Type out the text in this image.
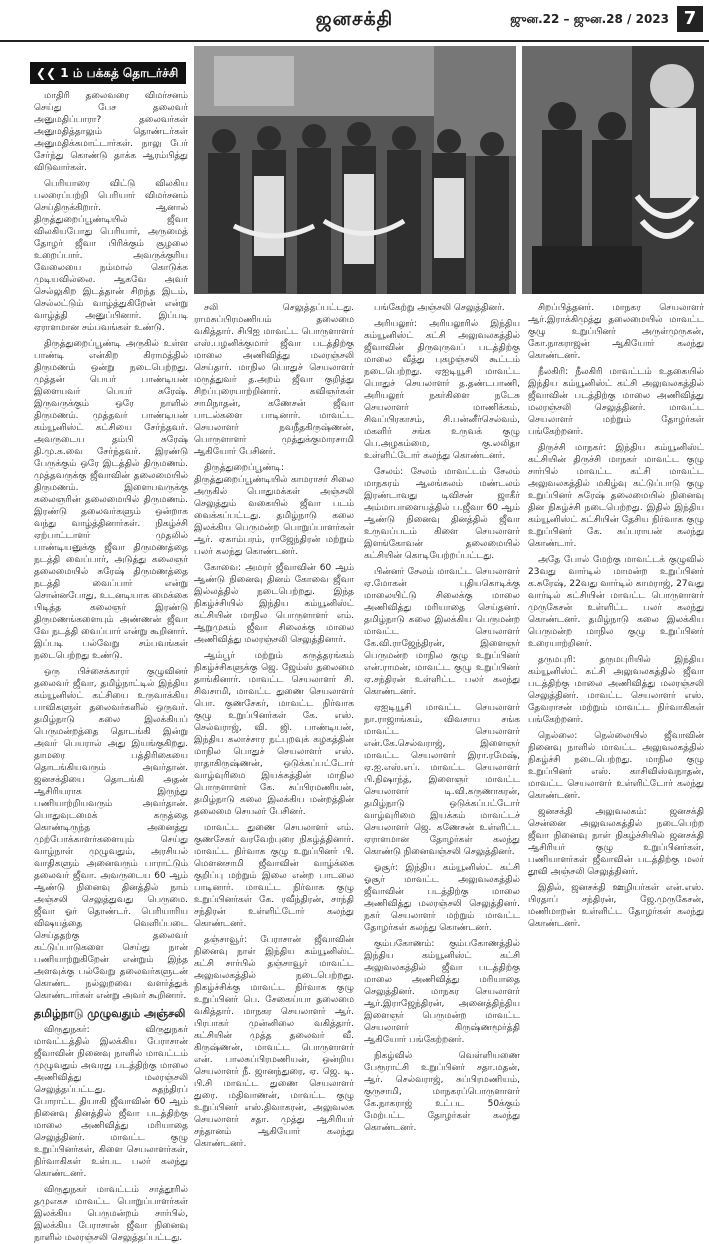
ஜனசக்தி	ஜுன.22 – ஜுன.28 / 2023 7
❮❮ 1 ம் பக்கத் தொடர்ச்சி

மாதிரி தலைவரை விமர்சனம் செய்து பேச தலைவர் அனுமதிப்பாரா? தலைவர்கள் அனுமதித்தாலும் தொண்டர்கள் அனுமதிக்கமாட்டார்கள். நாலு பேர் சேர்ந்து கொண்டு தாக்க ஆரம்பித்து விடுவார்கள்.

பெரியாரை விட்டு விலகிய பலரைப்பற்றி பெரியார் விமர்சனம் செய்திருக்கிறார். ஆனால் திருத்துறைப்பூண்டியில் ஜீவா விலகியபோது பெரியார், அருமைத் தோழர் ஜீவா பிரிக்கும் சூழலை உறைப்பார். அவருக்குரிய வேலையை நம்மால் கொடுக்க முடியவில்லை. ஆகவே அவர் செல்லுகிற இடத்தான் சிறந்த இடம், செல்லட்டும் வாழ்த்துகிறேன் என்று வாழ்த்தி அனுப்பினார். இப்படி ஏராளமான சம்பவங்கள் உண்டு.

திருத்துறைப்பூண்டி அருகில் உள்ள பாண்டி என்கிற கிராமத்தில் திருமணம் ஒன்று நடைபெற்றது. முத்தன் பெயர் பாண்டியன் இளையவர் பெயர் சுரேஷ். இருவருக்கும் ஒரே நாளில் திருமணம். முத்தவர் பாண்டியன் கம்யூனிஸ்ட் கட்சியை சேர்ந்தவர். அவருடைய தம்பி சுரேஷ் தி.மு.க.வை சேர்ந்தவர். இரண்டு பேருக்கும் ஒரே இடத்தில் திருமணம். முத்தவருக்கு ஜீவாவின் தலைமையில் திருமணம். இளையவருக்கு கலைஞரின் தலைமையில் திருமணம். இரண்டு தலைவர்களும் ஒன்றாக வந்து வாழ்த்தினார்கள். நிகழ்ச்சி ஏற்பாட்டாளர் முதலில் பாண்டியனுக்கு ஜீவா திருமணத்தை நடத்தி வைப்பார், அடுத்து கலைஞர் தலைமையில் சுரேஷ் திருமணத்தை நடத்தி வைப்பார் என்று சொன்னபோது, உடனடியாக மைக்கை பிடித்த கலைஞர் இரண்டு திருமணங்களையும் அண்ணன் ஜீவா வே நடத்தி வைப்பார் என்று கூறினார். இப்படி பல்வேறு சம்பவங்கள் நடைபெற்றது உண்டு.

ஒரு பிச்சைக்காரர் குழுவினர் தலைவர் ஜீவா, தமிழ்நாட்டில் இந்திய கம்யூனிஸ்ட் கட்சியை உருவாக்கிய பாவிகளுள் தலைவர்களில் ஒருவர். தமிழ்நாடு கலை இலக்கியப் பெருமன்றத்தை தொடங்கி இன்று அவர் பெயரால் அது இயங்குகிறது. தாமரை பத்திரிகையை தொடங்கியவரும் அவர்தான். ஜனசக்தியை தொடங்கி அதன் ஆசிரியராக இருந்து பணியாற்றியவரும் அவர்தான். பொதுவுடமைக் கருத்தை கொண்டிருந்த அனைத்து முற்போக்காளர்களையும் செய்து வாழ்நாள் முழுவதும், அரசியல் வாதிகளும் அனைவரும் பாராட்டும் தலைவர் ஜீவா. அவருடைய 60 ஆம் ஆண்டு நினைவு தினத்தில் நாம் அஞ்சலி செலுத்துவது பெருமை. ஜீவா ஓர் தொண்டர். பெரியாரிய விஷயத்தை வெளிப்படை செய்ததற்கு தலைவர் கட்டுப்பாடுகளை செய்து நான் பணியாற்றுகிறேன் என்றும் இந்த அளவுக்கு பல்வேறு தலைவர்களுடன் கொண்ட நல்லுறவை வளர்த்துக் கொண்டார்கள் என்று அவர் கூறினார்.

தமிழ்நாடு முழுவதும் அஞ்சலி

விருதுநகர்: விருதுநகர் மாவட்டத்தில் இலக்கிய பேராசான் ஜீவாவின் நினைவு நாளில் மாவட்டம் முழுவதும் அவரது படத்திற்கு மாலை அணிவித்து மலரஞ்சலி செலுத்தப்பட்டது. சுதந்திரப் போராட்ட தியாகி ஜீவாவின் 60 ஆம் நினைவு தினத்தில் ஜீவா படத்திற்கு மாலை அணிவித்து மரியாதை செலுத்தினர். மாவட்ட குழு உறுப்பினர்கள், கிளை செயலாளர்கள், நிர்வாகிகள் உள்பட பலர் கலந்து கொண்டனர்.

விருதுநகர் மாவட்டம் சாத்தூரில் தமுஎகச மாவட்ட பொறுப்பாளர்கள் இலக்கிய பெருமன்றம் சார்பில், இலக்கிய பேராசான் ஜீவா நினைவு நாளில் மலரஞ்சலி செலுத்தப்பட்டது.

சலி செலுத்தப்பட்டது. ராமசுப்பிரமணியம் தலைமை வகித்தார். சிபிஐ மாவட்ட பொருளாளர் எஸ்.பழனிக்குமார் ஜீவா படத்திற்கு மாலை அணிவித்து மலரஞ்சலி செய்தார். மாநில பொதுச் செயலாளர் மருத்துவர் த.அறம் ஜீவா குறித்து சிறப்புரையாற்றினார். கவிஞர்கள் சாமிநாதன், கணேசன் ஜீவா பாடல்களை பாடினார். மாவட்ட செயலாளர் நவநீதகிருஷ்ணன், பொருளாளர் முத்துக்குமாரசாமி ஆகியோர் பேசினர்.

திருத்துறைப்பூண்டி: திருத்துறைப்பூண்டியில் காமராசர் சிலை அருகில் பொதுமக்கள் அஞ்சலி செலுத்தும் வகையில் ஜீவா படம் வைக்கப்பட்டது. தமிழ்நாடு கலை இலக்கிய பெருமன்ற பொறுப்பாளர்கள் ஆர். ஏகாம்பரம், ராஜேந்திரன் மற்றும் பலர் கலந்து கொண்டனர்.

கோவை: அமரர் ஜீவாவின் 60 ஆம் ஆண்டு நினைவு தினம் கோவை ஜீவா இல்லத்தில் நடைபெற்றது. இந்த நிகழ்ச்சியில் இந்திய கம்யூனிஸ்ட் கட்சியின் மாநில பொருளாளர் எம். ஆறுமுகம் ஜீவா சிலைக்கு மாலை அணிவித்து மலரஞ்சலி செலுத்தினார்.

ஆம்பூர் மற்றும் கருத்தரங்கம் நிகழ்ச்சிகளுக்கு ஜெ. ஜேம்ஸ் தலைமை தாங்கினார். மாவட்ட செயலாளர் சி. சிவசாமி, மாவட்ட துணை செயலாளர் பொ. குணசேகர், மாவட்ட நிர்வாக குழு உறுப்பினர்கள் கே. எஸ். செல்வராஜ், வி. ஜி. பாண்டியன், இந்திய கலாச்சார நட்புறவுக் கழகத்தின் மாநில பொதுச் செயலாளர் எஸ். ராதாகிருஷ்ணன், ஒடுக்கப்பட்டோர் வாழ்வுரிமை இயக்கத்தின் மாநில பொருளாளர் கே. சுப்பிரமணியன், தமிழ்நாடு கலை இலக்கிய மன்றத்தின் தலைமை செயலர் பேசினர்.

மாவட்ட துணை செயலாளர் எம். குணசேகர் வரவேற்புரை நிகழ்த்தினார். மாவட்ட நிர்வாக குழு உறுப்பினர் பி. மௌனசாமி ஜீவாவின் வாழ்க்கை குறிப்பு மற்றும் இலை என்ற பாடலை பாடினார். மாவட்ட நிர்வாக குழு உறுப்பினர்கள் கே. ரவீந்திரன், சாந்தி சந்திரன் உள்ளிட்டோர் கலந்து கொண்டனர்.

தஞ்சாவூர்: பேராசான் ஜீவாவின் நினைவு நாள் இந்திய கம்யூனிஸ்ட் கட்சி சார்பில் தஞ்சாவூர் மாவட்ட அலுவலகத்தில் நடைபெற்றது. நிகழ்ச்சிக்கு மாவட்ட நிர்வாக குழு உறுப்பினர் பெ. சேகைய்யா தலைமை வகித்தார். மாநகர செயலாளர் ஆர். பிரபாகர் முன்னிலை வகித்தார். கட்சியின் முத்த தலைவர் வீ. கிருஷ்ணன், மாவட்ட பொருளாளர் என். பாலசுப்பிரமணியன், ஒன்றிய செயலாளர் நீ. ஜானந்துரை, ஏ. ஜெ. டி. பி.சி மாவட்ட துணை செயலாளர் துரை. மதிவாணன், மாவட்ட குழு உறுப்பினர் எஸ்.திவாகரன், அலுவலக செயலாளர் சதா. முத்து ஆசிரியர் சந்தானம் ஆகியோர் கலந்து கொண்டனர்.

பங்கேற்று அஞ்சலி செலுத்தினர்.

அரியலூர்: அரியலூரில் இந்திய கம்யூனிஸ்ட் கட்சி அலுவலகத்தில் ஜீவாவின் திருவுருவப் படத்திற்கு மாலை வீத்து புகழஞ்சலி கூட்டம் நடைபெற்றது. ஏஐடியூசி மாவட்ட பொதுச் செயலாளர் த.தண்டபாணி, அரியலூர் நகர்கிளை நடேசு செயலாளர் மாணிக்கம், சிவப்பிரகாசம், சி.பன்னீர்செல்வம், மகளிர் சங்க உருவக் குழு பெ.அழகம்மை, கு.லலிதா உள்ளிட்டோர் கலந்து கொண்டனர்.

சேலம்: சேலம் மாவட்டம் சேலம் மாநகரம் ஆலங்கலம் மண்டலம் இரண்டாவது டிவிசன் ஜாகீர் அம்மாபாளையத்தில் ப.ஜீவா 60 ஆம் ஆண்டு நினைவு தினத்தில் ஜீவா உருவப்படம் கிளை செயலாளர் இளங்கோவன் தலைமையில் கட்சியின் கொடியேற்றப்பட்டது.

பின்னர் சேலம் மாவட்ட செயலாளர் ஏ.மோகன் புதியகொடிக்கு மாலையிட்டு சிலைக்கு மாலை அணிவித்து மரியாதை செய்தனர். தமிழ்நாடு கலை இலக்கிய பெருமன்ற மாவட்ட செயலாளர் கே.வி.ராஜேந்திரன், இளைஞர் பெருமன்ற மாநில குழு உறுப்பினர் என்.ராமன், மாவட்ட குழு உறுப்பினர் ஏ.சந்திரன் உள்ளிட்ட பலர் கலந்து கொண்டனர்.

ஏஐடியூசி மாவட்ட செயலாளர் நா.ராஜாங்கம், விவசாய சங்க மாவட்ட செயலாளர் என்.கே.செல்வராஜ், இளைஞர் மாவட்ட செயலாளர் இரா.ரமேஷ், ஏ.ஐ.எஸ்.எப். மாவட்ட செயலாளர் பி.நிஷாந்த், இளைஞர் மாவட்ட செயலாளர் டி.வி.கருணாகரன், தமிழ்நாடு ஒடுக்கப்பட்டோர் வாழ்வுரிமை இயக்கம் மாவட்டச் செயலாளர் ஜெ. கணேசன் உள்ளிட்ட ஏராளமான தோழர்கள் கலந்து கொண்டு நினைவஞ்சலி செலுத்தினர்.

ஓசூர்: இந்திய கம்யூனிஸ்ட் கட்சி ஓசூர் மாவட்ட அலுவலகத்தில் ஜீவாவின் படத்திற்கு மாலை அணிவித்து மலரஞ்சலி செலுத்தினர். நகர் செயலாளர் மற்றும் மாவட்ட தோழர்கள் கலந்து கொண்டனர்.

கும்பகோணம்: கும்பகோணத்தில் இந்திய கம்யூனிஸ்ட் கட்சி அலுவலகத்தில் ஜீவா படத்திற்கு மாலை அணிவித்து மரியாதை செலுத்தினர். மாநகர செயலாளர் ஆர்.இராஜேந்திரன், அனைத்திந்திய இளைஞர் பெருமன்ற மாவட்ட செயலாளர் கிருஷ்ணமூர்த்தி ஆகியோர் பங்கேற்றனர்.

நிகழ்வில் வெள்ளியணை பேரூராட்சி உறுப்பினர் சதா.மதன், ஆர். செல்வராஜ், சுப்பிரமணியம், குருசாமி, மாநகரப்பொருளாளர் கே.நாகராஜ் உட்பட 50க்கும் மேற்பட்ட தோழர்கள் கலந்து கொண்டனர்.

சிறப்பித்தனர். மாநகர செயலாளர் ஆர்.இராக்கிமுத்து தலைமையில் மாவட்ட குழு உறுப்பினர் அருள்முருகன், கோ.நாகராஜன் ஆகியோர் கலந்து கொண்டனர்.

நீலகிரி: நீலகிரி மாவட்டம் உதகையில் இந்திய கம்யூனிஸ்ட் கட்சி அலுவலகத்தில் ஜீவாவின் படத்திற்கு மாலை அணிவித்து மலரஞ்சலி செலுத்தினர். மாவட்ட செயலாளர் மற்றும் தோழர்கள் பங்கேற்றனர்.

திருச்சி மாநகர்: இந்திய கம்யூனிஸ்ட் கட்சியின் திருச்சி மாநகர் மாவட்ட குழு சார்பில் மாவட்ட கட்சி மாவட்ட அலுவலகத்தில் மகிழ்வு கட்டுப்பாடு குழு உறுப்பினர் சுரேஷ் தலைமையில் நினைவு தின நிகழ்ச்சி நடைபெற்றது. இதில் இந்திய கம்யூனிஸ்ட் கட்சியின் தேசிய நிர்வாக குழு உறுப்பினர் கே. சுப்பராயன் கலந்து கொண்டார்.

அதே போல் மேற்கு மாவட்டக் குழுவில் 23வது வார்டில் மாமன்ற உறுப்பினர் க.சுரேஷ், 22வது வார்டில் காமராஜ், 27வது வார்டில் கட்சியின் மாவட்ட பொருளாளர் முருகேசன் உள்ளிட்ட பலர் கலந்து கொண்டனர். தமிழ்நாடு கலை இலக்கிய பெருமன்ற மாநில குழு உறுப்பினர் உரையாற்றினர்.

தருமபுரி: தருமபுரியில் இந்திய கம்யூனிஸ்ட் கட்சி அலுவலகத்தில் ஜீவா படத்திற்கு மாலை அணிவித்து மலரஞ்சலி செலுத்தினர். மாவட்ட செயலாளர் எஸ். தேவராசன் மற்றும் மாவட்ட நிர்வாகிகள் பங்கேற்றனர்.

நெல்லை: நெல்லையில் ஜீவாவின் நினைவு நாளில் மாவட்ட அலுவலகத்தில் நிகழ்ச்சி நடைபெற்றது. மாநில குழு உறுப்பினர் எஸ். காசிவிஸ்வநாதன், மாவட்ட செயலாளர் உள்ளிட்டோர் கலந்து கொண்டனர்.

ஜனசக்தி அலுவலகம்: ஜனசக்தி சென்னை அலுவலகத்தில் நடைபெற்ற ஜீவா நினைவு நாள் நிகழ்ச்சியில் ஜனசக்தி ஆசிரியர் குழு உறுப்பினர்கள், பணியாளர்கள் ஜீவாவின் படத்திற்கு மலர் தூவி அஞ்சலி செலுத்தினர்.

இதில், ஜனசக்தி ஊழியர்கள் என்.எஸ். பிரதாப் சந்திரன், ஜே.முருகேசன், மணிமாறன் உள்ளிட்ட தோழர்கள் கலந்து கொண்டனர்.
